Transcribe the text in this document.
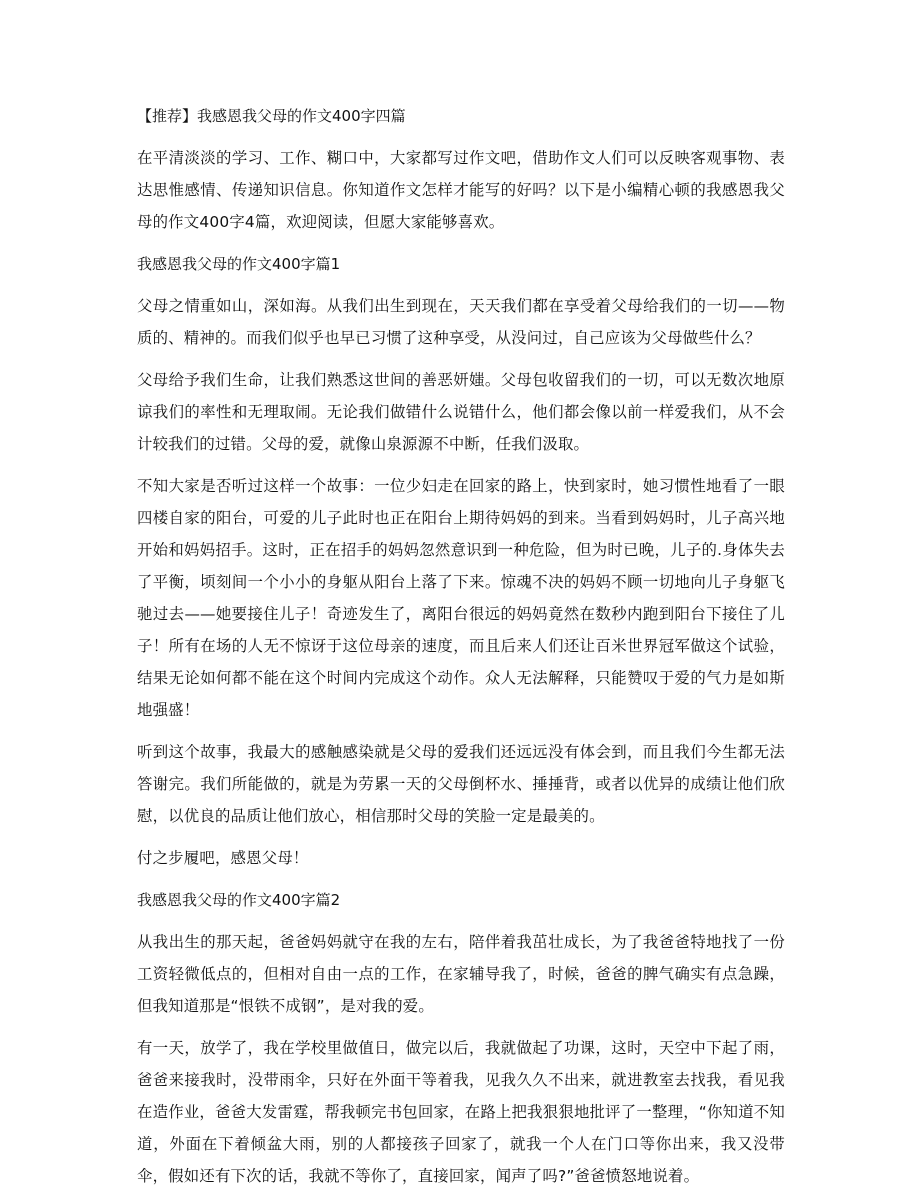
【推荐】我感恩我父母的作文400字四篇
在平清淡淡的学习、工作、糊口中，大家都写过作文吧，借助作文人们可以反映客观事物、表达思惟感情、传递知识信息。你知道作文怎样才能写的好吗？以下是小编精心顿的我感恩我父母的作文400字4篇，欢迎阅读，但愿大家能够喜欢。
我感恩我父母的作文400字篇1
父母之情重如山，深如海。从我们出生到现在，天天我们都在享受着父母给我们的一切——物质的、精神的。而我们似乎也早已习惯了这种享受，从没问过，自己应该为父母做些什么？
父母给予我们生命，让我们熟悉这世间的善恶妍媸。父母包收留我们的一切，可以无数次地原谅我们的率性和无理取闹。无论我们做错什么说错什么，他们都会像以前一样爱我们，从不会计较我们的过错。父母的爱，就像山泉源源不中断，任我们汲取。
不知大家是否听过这样一个故事：一位少妇走在回家的路上，快到家时，她习惯性地看了一眼四楼自家的阳台，可爱的儿子此时也正在阳台上期待妈妈的到来。当看到妈妈时，儿子高兴地开始和妈妈招手。这时，正在招手的妈妈忽然意识到一种危险，但为时已晚，儿子的.身体失去了平衡，顷刻间一个小小的身躯从阳台上落了下来。惊魂不决的妈妈不顾一切地向儿子身躯飞驰过去——她要接住儿子！奇迹发生了，离阳台很远的妈妈竟然在数秒内跑到阳台下接住了儿子！所有在场的人无不惊讶于这位母亲的速度，而且后来人们还让百米世界冠军做这个试验，结果无论如何都不能在这个时间内完成这个动作。众人无法解释，只能赞叹于爱的气力是如斯地强盛！
听到这个故事，我最大的感触感染就是父母的爱我们还远远没有体会到，而且我们今生都无法答谢完。我们所能做的，就是为劳累一天的父母倒杯水、捶捶背，或者以优异的成绩让他们欣慰，以优良的品质让他们放心，相信那时父母的笑脸一定是最美的。
付之步履吧，感恩父母！
我感恩我父母的作文400字篇2
从我出生的那天起，爸爸妈妈就守在我的左右，陪伴着我茁壮成长，为了我爸爸特地找了一份工资轻微低点的，但相对自由一点的工作，在家辅导我了，时候，爸爸的脾气确实有点急躁，但我知道那是“恨铁不成钢”，是对我的爱。
有一天，放学了，我在学校里做值日，做完以后，我就做起了功课，这时，天空中下起了雨，爸爸来接我时，没带雨伞，只好在外面干等着我，见我久久不出来，就进教室去找我，看见我在造作业，爸爸大发雷霆，帮我顿完书包回家，在路上把我狠狠地批评了一整理，“你知道不知道，外面在下着倾盆大雨，别的人都接孩子回家了，就我一个人在门口等你出来，我又没带伞，假如还有下次的话，我就不等你了，直接回家，闻声了吗?”爸爸愤怒地说着。
